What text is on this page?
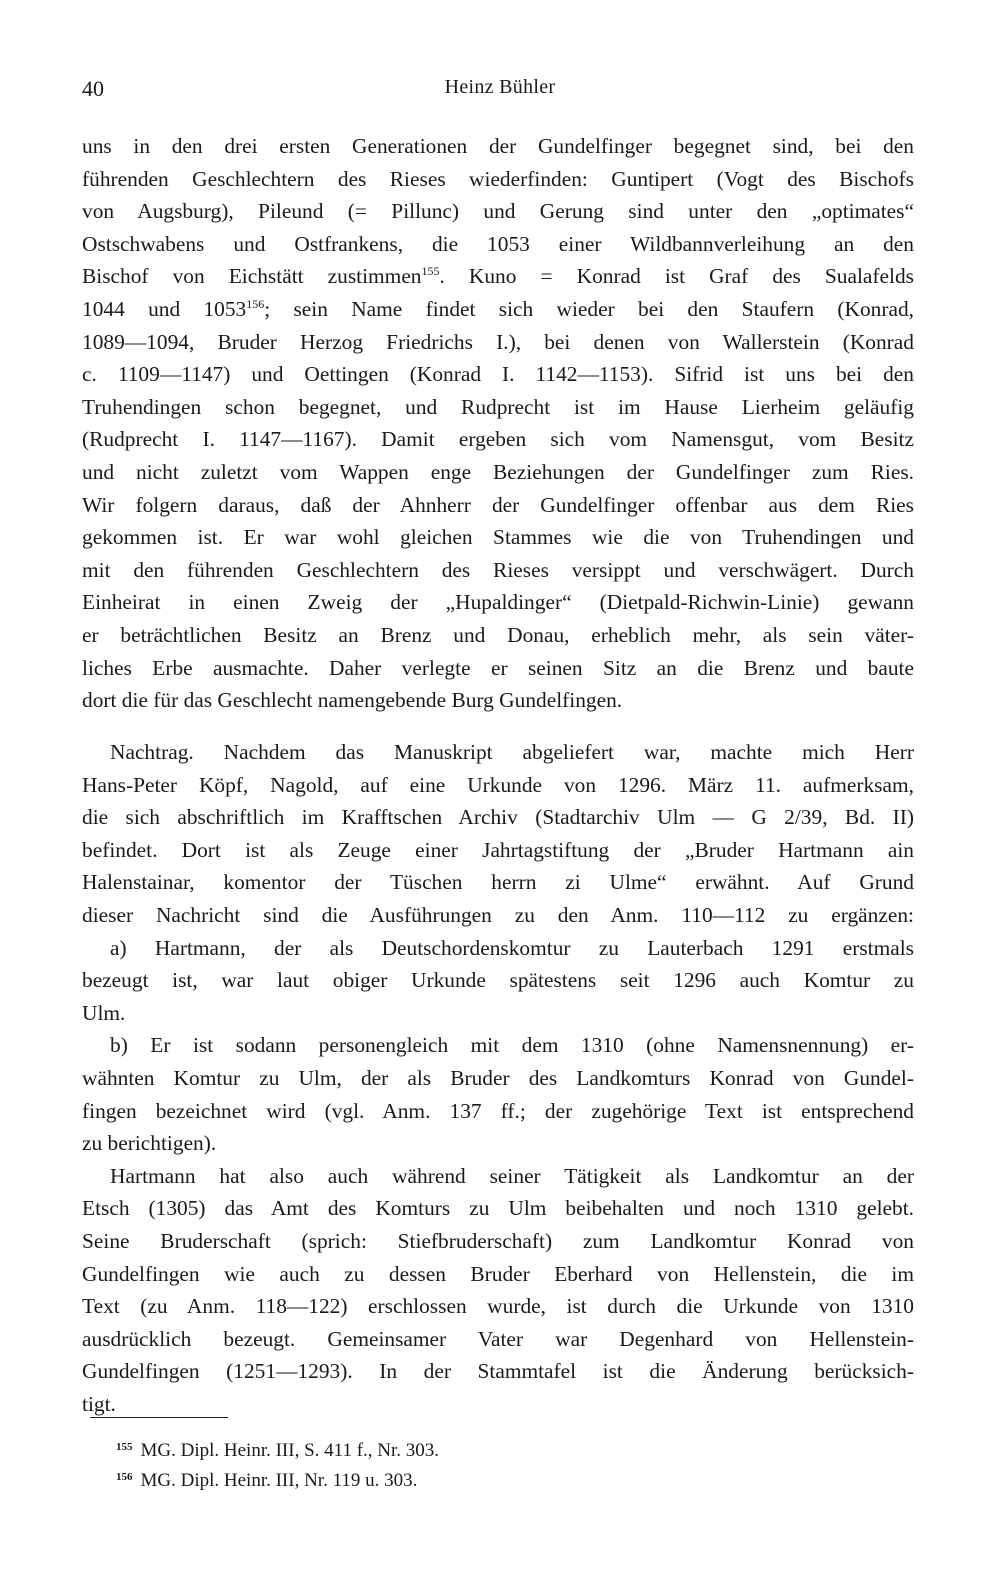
40	Heinz Bühler
uns in den drei ersten Generationen der Gundelfinger begegnet sind, bei den
führenden Geschlechtern des Rieses wiederfinden: Guntipert (Vogt des Bischofs
von Augsburg), Pileund (= Pillunc) und Gerung sind unter den „optimates“
Ostschwabens und Ostfrankens, die 1053 einer Wildbannverleihung an den
Bischof von Eichstätt zustimmen$^{155}$. Kuno = Konrad ist Graf des Sualafelds
1044 und 1053$^{156}$; sein Name findet sich wieder bei den Staufern (Konrad,
1089—1094, Bruder Herzog Friedrichs I.), bei denen von Wallerstein (Konrad
c. 1109—1147) und Oettingen (Konrad I. 1142—1153). Sifrid ist uns bei den
Truhendingen schon begegnet, und Rudprecht ist im Hause Lierheim geläufig
(Rudprecht I. 1147—1167). Damit ergeben sich vom Namensgut, vom Besitz
und nicht zuletzt vom Wappen enge Beziehungen der Gundelfinger zum Ries.
Wir folgern daraus, daß der Ahnherr der Gundelfinger offenbar aus dem Ries
gekommen ist. Er war wohl gleichen Stammes wie die von Truhendingen und
mit den führenden Geschlechtern des Rieses versippt und verschwägert. Durch
Einheirat in einen Zweig der „Hupaldinger“ (Dietpald-Richwin-Linie) gewann
er beträchtlichen Besitz an Brenz und Donau, erheblich mehr, als sein väter-
liches Erbe ausmachte. Daher verlegte er seinen Sitz an die Brenz und baute
dort die für das Geschlecht namengebende Burg Gundelfingen.
Nachtrag. Nachdem das Manuskript abgeliefert war, machte mich Herr
Hans-Peter Köpf, Nagold, auf eine Urkunde von 1296. März 11. aufmerksam,
die sich abschriftlich im Krafftschen Archiv (Stadtarchiv Ulm — G 2/39, Bd. II)
befindet. Dort ist als Zeuge einer Jahrtagstiftung der „Bruder Hartmann ain
Halenstainar, komentor der Tüschen herrn zi Ulme“ erwähnt. Auf Grund
dieser Nachricht sind die Ausführungen zu den Anm. 110—112 zu ergänzen:
a) Hartmann, der als Deutschordenskomtur zu Lauterbach 1291 erstmals
bezeugt ist, war laut obiger Urkunde spätestens seit 1296 auch Komtur zu
Ulm.
b) Er ist sodann personengleich mit dem 1310 (ohne Namensnennung) er-
wähnten Komtur zu Ulm, der als Bruder des Landkomturs Konrad von Gundel-
fingen bezeichnet wird (vgl. Anm. 137 ff.; der zugehörige Text ist entsprechend
zu berichtigen).
Hartmann hat also auch während seiner Tätigkeit als Landkomtur an der
Etsch (1305) das Amt des Komturs zu Ulm beibehalten und noch 1310 gelebt.
Seine Bruderschaft (sprich: Stiefbruderschaft) zum Landkomtur Konrad von
Gundelfingen wie auch zu dessen Bruder Eberhard von Hellenstein, die im
Text (zu Anm. 118—122) erschlossen wurde, ist durch die Urkunde von 1310
ausdrücklich bezeugt. Gemeinsamer Vater war Degenhard von Hellenstein-
Gundelfingen (1251—1293). In der Stammtafel ist die Änderung berücksich-
tigt.
$^{155}$ MG. Dipl. Heinr. III, S. 411 f., Nr. 303.
$^{156}$ MG. Dipl. Heinr. III, Nr. 119 u. 303.
